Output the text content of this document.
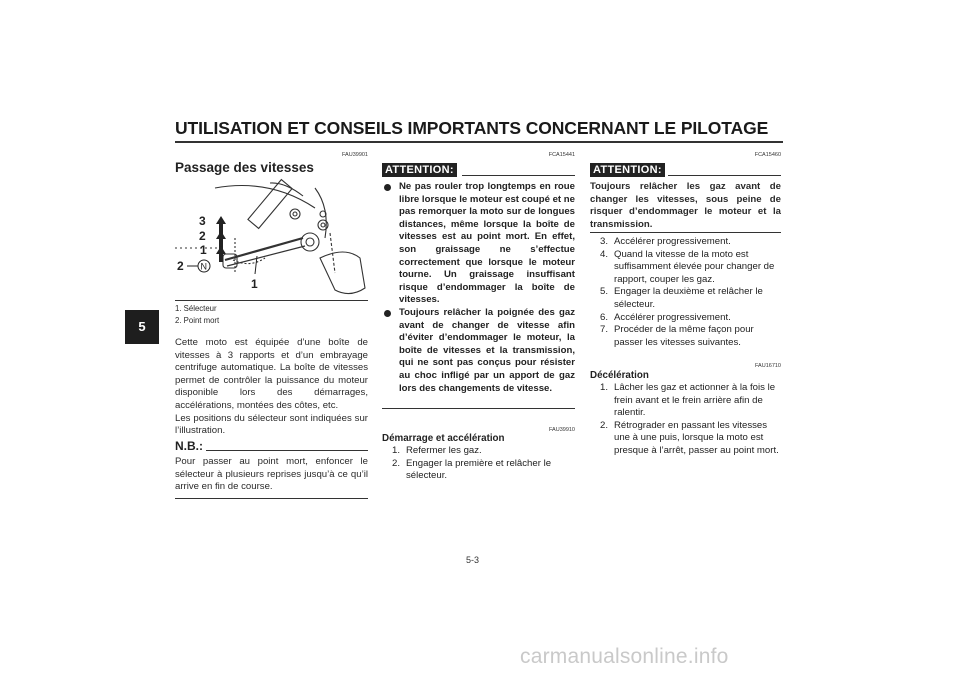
UTILISATION ET CONSEILS IMPORTANTS CONCERNANT LE PILOTAGE
5
FAU39901
Passage des vitesses
3
2
1
N
2
1
1. Sélecteur
2. Point mort

Cette moto est équipée d’une boîte de vitesses à 3 rapports et d’un embrayage centrifuge automatique. La boîte de vitesses permet de contrôler la puissance du moteur disponible lors des démarrages, accélérations, montées des côtes, etc.

Les positions du sélecteur sont indiquées sur l’illustration.

N.B.:

Pour passer au point mort, enfoncer le sélecteur à plusieurs reprises jusqu’à ce qu’il arrive en fin de course.

ATTENTION:
FCA15441
Ne pas rouler trop longtemps en roue libre lorsque le moteur est coupé et ne pas remorquer la moto sur de longues distances, même lorsque la boîte de vitesses est au point mort. En effet, son graissage ne s’effectue correctement que lorsque le moteur tourne. Un graissage insuffisant risque d’endommager la boîte de vitesses.
Toujours relâcher la poignée des gaz avant de changer de vitesse afin d’éviter d’endommager le moteur, la boîte de vitesses et la transmission, qui ne sont pas conçus pour résister au choc infligé par un apport de gaz lors des changements de vitesse.
FAU39910
Démarrage et accélération
1. Refermer les gaz.
2. Engager la première et relâcher le sélecteur.
ATTENTION:
FCA15460

Toujours relâcher les gaz avant de changer les vitesses, sous peine de risquer d’endommager le moteur et la transmission.

3. Accélérer progressivement.
4. Quand la vitesse de la moto est suffisamment élevée pour changer de rapport, couper les gaz.
5. Engager la deuxième et relâcher le sélecteur.
6. Accélérer progressivement.
7. Procéder de la même façon pour passer les vitesses suivantes.
FAU16710
Décélération
1. Lâcher les gaz et actionner à la fois le frein avant et le frein arrière afin de ralentir.
2. Rétrograder en passant les vitesses une à une puis, lorsque la moto est presque à l’arrêt, passer au point mort.
5-3
carmanualsonline.info
